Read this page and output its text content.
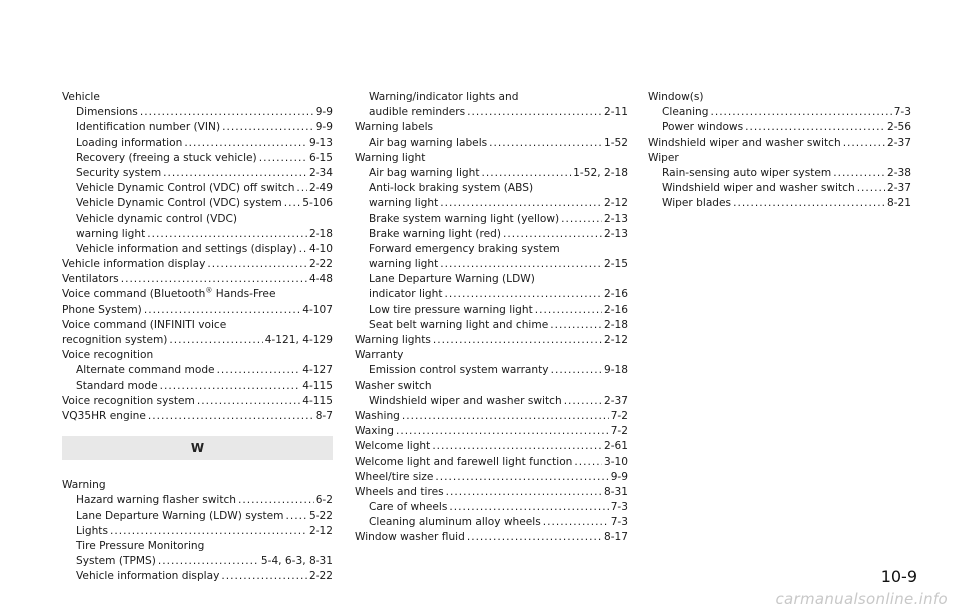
Vehicle
Dimensions .....	9-9
Identification number (VIN) .....	9-9
Loading information .....	9-13
Recovery (freeing a stuck vehicle) .....	6-15
Security system .....	2-34
Vehicle Dynamic Control (VDC) off switch ..... 2-49
Vehicle Dynamic Control (VDC) system ..... 5-106
Vehicle dynamic control (VDC)
warning light .....	2-18
Vehicle information and settings (display) ..... 4-10
Vehicle information display .....	2-22
Ventilators .....	4-48
Voice command (Bluetooth® Hands-Free
Phone System) .....	4-107
Voice command (INFINITI voice
recognition system) .....	4-121, 4-129
Voice recognition
Alternate command mode .....	4-127
Standard mode .....	4-115
Voice recognition system .....	4-115
VQ35HR engine .....	8-7
W
Warning
Hazard warning flasher switch .....	6-2
Lane Departure Warning (LDW) system ..... 5-22
Lights .....	2-12
Tire Pressure Monitoring
System (TPMS) .....	5-4, 6-3, 8-31
Vehicle information display .....	2-22
Warning/indicator lights and
audible reminders .....	2-11
Warning labels
Air bag warning labels .....	1-52
Warning light
Air bag warning light .....	1-52, 2-18
Anti-lock braking system (ABS)
warning light .....	2-12
Brake system warning light (yellow) .....	2-13
Brake warning light (red) .....	2-13
Forward emergency braking system
warning light .....	2-15
Lane Departure Warning (LDW)
indicator light .....	2-16
Low tire pressure warning light .....	2-16
Seat belt warning light and chime .....	2-18
Warning lights .....	2-12
Warranty
Emission control system warranty .....	9-18
Washer switch
Windshield wiper and washer switch .....	2-37
Washing .....	7-2
Waxing .....	7-2
Welcome light .....	2-61
Welcome light and farewell light function .....	3-10
Wheel/tire size .....	9-9
Wheels and tires .....	8-31
Care of wheels .....	7-3
Cleaning aluminum alloy wheels .....	7-3
Window washer fluid .....	8-17
Window(s)
Cleaning .....	7-3
Power windows .....	2-56
Windshield wiper and washer switch .....	2-37
Wiper
Rain-sensing auto wiper system .....	2-38
Windshield wiper and washer switch .....	2-37
Wiper blades .....	8-21
10-9
carmanualsonline.info
